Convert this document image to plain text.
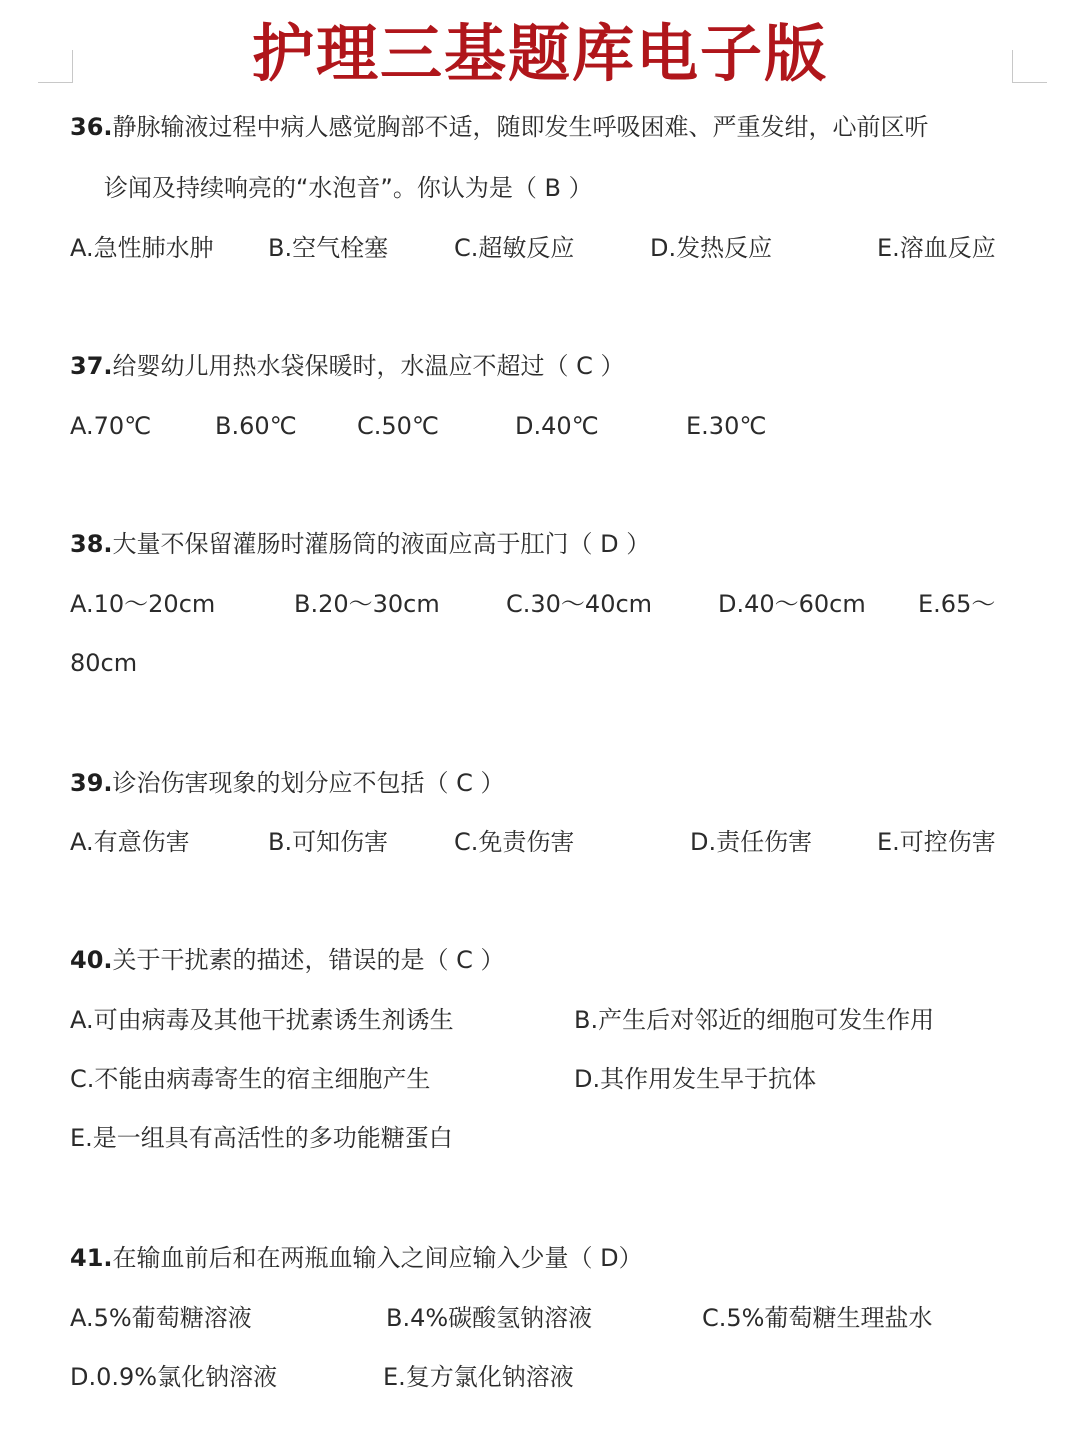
护理三基题库电子版

36.静脉输液过程中病人感觉胸部不适，随即发生呼吸困难、严重发绀，心前区听

诊闻及持续响亮的“水泡音”。你认为是（ B ）

A.急性肺水肿 B.空气栓塞	C.超敏反应	D.发热反应	E.溶血反应

37.给婴幼儿用热水袋保暖时，水温应不超过（ C ）

A.70℃	B.60℃	C.50℃	D.40℃	E.30℃

38.大量不保留灌肠时灌肠筒的液面应高于肛门（ D ）

A.10～20cm	B.20～30cm	C.30～40cm	D.40～60cm E.65～
80cm

39.诊治伤害现象的划分应不包括（ C ）

A.有意伤害	B.可知伤害	C.免责伤害	D.责任伤害	E.可控伤害

40.关于干扰素的描述，错误的是（ C ）

A.可由病毒及其他干扰素诱生剂诱生	B.产生后对邻近的细胞可发生作用
C.不能由病毒寄生的宿主细胞产生	D.其作用发生早于抗体
E.是一组具有高活性的多功能糖蛋白

41.在输血前后和在两瓶血输入之间应输入少量（ D）

A.5%葡萄糖溶液	B.4%碳酸氢钠溶液	C.5%葡萄糖生理盐水
D.0.9%氯化钠溶液	E.复方氯化钠溶液
